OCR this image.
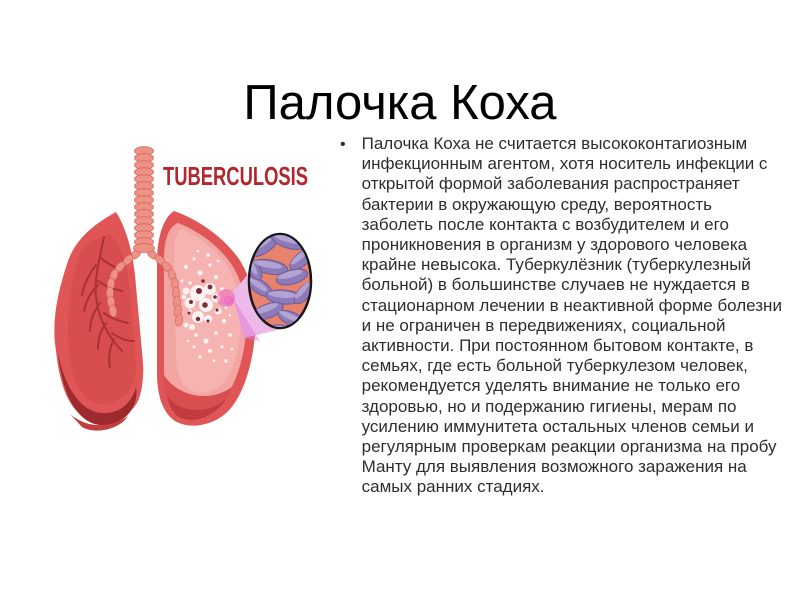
Палочка Коха
TUBERCULOSIS
• Палочка Коха не считается высококонтагиозным инфекционным агентом, хотя носитель инфекции с открытой формой заболевания распространяет бактерии в окружающую среду, вероятность заболеть после контакта с возбудителем и его проникновения в организм у здорового человека крайне невысока. Туберкулёзник (туберкулезный больной) в большинстве случаев не нуждается в стационарном лечении в неактивной форме болезни и не ограничен в передвижениях, социальной активности. При постоянном бытовом контакте, в семьях, где есть больной туберкулезом человек, рекомендуется уделять внимание не только его здоровью, но и подержанию гигиены, мерам по усилению иммунитета остальных членов семьи и регулярным проверкам реакции организма на пробу Манту для выявления возможного заражения на самых ранних стадиях.
